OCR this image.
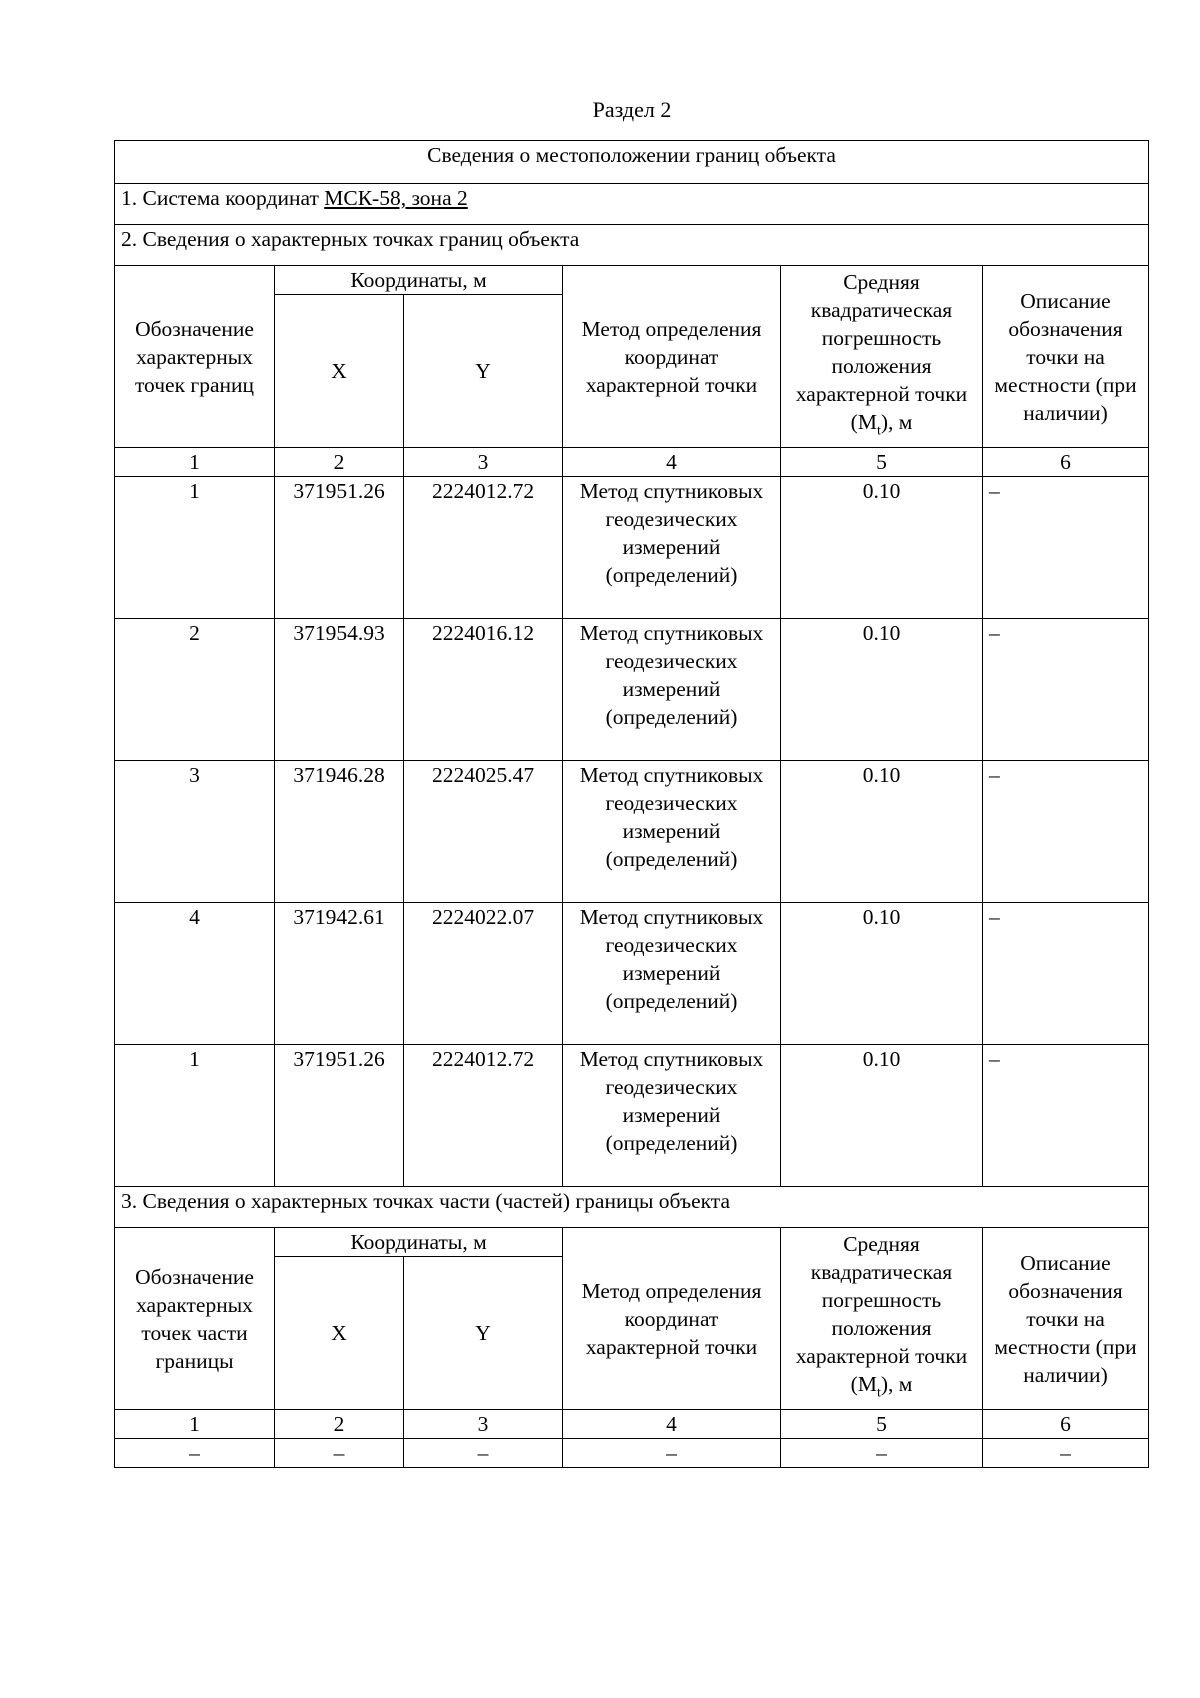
Раздел 2
Сведения о местоположении границ объекта					
1. Система координат МСК-58, зона 2					
2. Сведения о характерных точках границ объекта					
Обозначение характерных точек границ	Координаты, м		Метод определения координат характерной точки	Средняя квадратическая погрешность положения характерной точки $(M_t)$, м	Описание обозначения точки на местности (при наличии)
	X	Y			
1	2	3	4	5	6
1	371951.26	2224012.72	Метод спутниковых геодезических измерений (определений)	0.10	–
2	371954.93	2224016.12	Метод спутниковых геодезических измерений (определений)	0.10	–
3	371946.28	2224025.47	Метод спутниковых геодезических измерений (определений)	0.10	–
4	371942.61	2224022.07	Метод спутниковых геодезических измерений (определений)	0.10	–
1	371951.26	2224012.72	Метод спутниковых геодезических измерений (определений)	0.10	–
3. Сведения о характерных точках части (частей) границы объекта					
Обозначение характерных точек части границы	Координаты, м		Метод определения координат характерной точки	Средняя квадратическая погрешность положения характерной точки $(M_t)$, м	Описание обозначения точки на местности (при наличии)
	X	Y			
1	2	3	4	5	6
–	–	–	–	–	–
